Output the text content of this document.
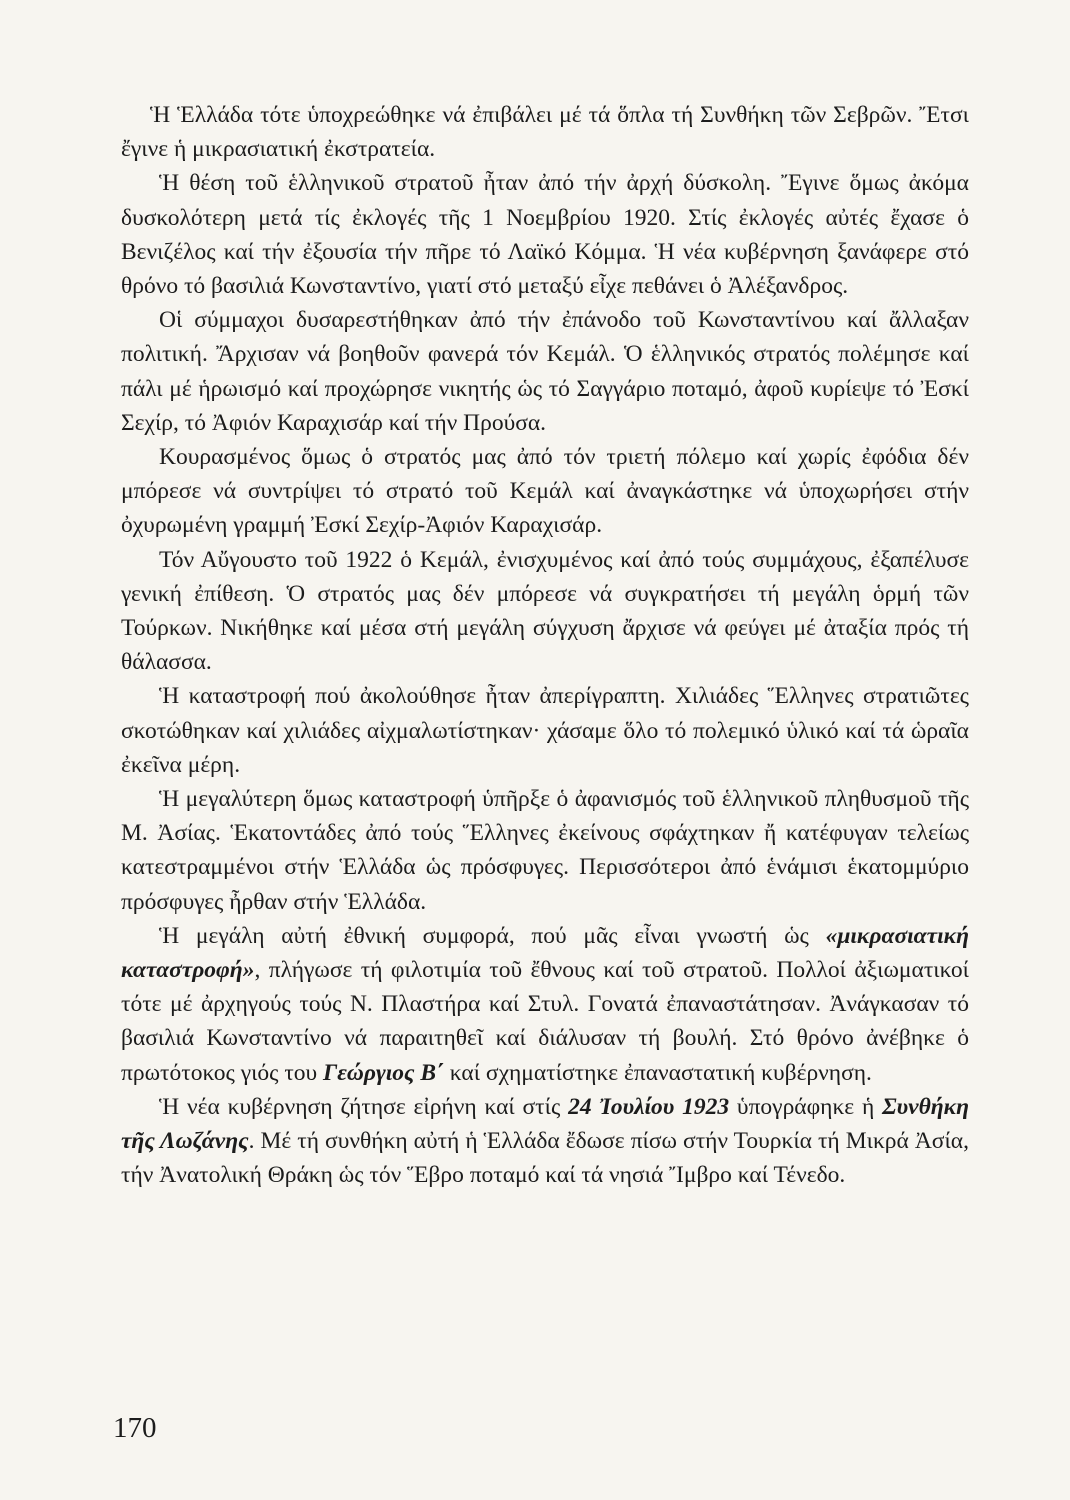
Ἡ Ἑλλάδα τότε ὑποχρεώθηκε νά ἐπιβάλει μέ τά ὅπλα τή Συνθήκη τῶν Σεβρῶν. Ἔτσι ἔγινε ἡ μικρασιατική ἐκστρατεία.

Ἡ θέση τοῦ ἑλληνικοῦ στρατοῦ ἦταν ἀπό τήν ἀρχή δύσκολη. Ἔγινε ὅμως ἀκόμα δυσκολότερη μετά τίς ἐκλογές τῆς 1 Νοεμβρίου 1920. Στίς ἐκλογές αὐτές ἔχασε ὁ Βενιζέλος καί τήν ἐξουσία τήν πῆρε τό Λαϊκό Κόμμα. Ἡ νέα κυβέρνηση ξανάφερε στό θρόνο τό βασιλιά Κωνσταντίνο, γιατί στό μεταξύ εἶχε πεθάνει ὁ Ἀλέξανδρος.

Οἱ σύμμαχοι δυσαρεστήθηκαν ἀπό τήν ἐπάνοδο τοῦ Κωνσταντίνου καί ἄλλαξαν πολιτική. Ἄρχισαν νά βοηθοῦν φανερά τόν Κεμάλ. Ὁ ἑλληνικός στρατός πολέμησε καί πάλι μέ ἡρωισμό καί προχώρησε νικητής ὡς τό Σαγγάριο ποταμό, ἀφοῦ κυρίεψε τό Ἐσκί Σεχίρ, τό Ἀφιόν Καραχισάρ καί τήν Προύσα.

Κουρασμένος ὅμως ὁ στρατός μας ἀπό τόν τριετή πόλεμο καί χωρίς ἐφόδια δέν μπόρεσε νά συντρίψει τό στρατό τοῦ Κεμάλ καί ἀναγκάστηκε νά ὑποχωρήσει στήν ὀχυρωμένη γραμμή Ἐσκί Σεχίρ-Ἀφιόν Καραχισάρ.

Τόν Αὔγουστο τοῦ 1922 ὁ Κεμάλ, ἐνισχυμένος καί ἀπό τούς συμμάχους, ἐξαπέλυσε γενική ἐπίθεση. Ὁ στρατός μας δέν μπόρεσε νά συγκρατήσει τή μεγάλη ὁρμή τῶν Τούρκων. Νικήθηκε καί μέσα στή μεγάλη σύγχυση ἄρχισε νά φεύγει μέ ἀταξία πρός τή θάλασσα.

Ἡ καταστροφή πού ἀκολούθησε ἦταν ἀπερίγραπτη. Χιλιάδες Ἕλληνες στρατιῶτες σκοτώθηκαν καί χιλιάδες αἰχμαλωτίστηκαν· χάσαμε ὅλο τό πολεμικό ὑλικό καί τά ὡραῖα ἐκεῖνα μέρη.

Ἡ μεγαλύτερη ὅμως καταστροφή ὑπῆρξε ὁ ἀφανισμός τοῦ ἑλληνικοῦ πληθυσμοῦ τῆς Μ. Ἀσίας. Ἑκατοντάδες ἀπό τούς Ἕλληνες ἐκείνους σφάχτηκαν ἤ κατέφυγαν τελείως κατεστραμμένοι στήν Ἑλλάδα ὡς πρόσφυγες. Περισσότεροι ἀπό ἑνάμισι ἑκατομμύριο πρόσφυγες ἦρθαν στήν Ἑλλάδα.

Ἡ μεγάλη αὐτή ἐθνική συμφορά, πού μᾶς εἶναι γνωστή ὡς «μικρασιατική καταστροφή», πλήγωσε τή φιλοτιμία τοῦ ἔθνους καί τοῦ στρατοῦ. Πολλοί ἀξιωματικοί τότε μέ ἀρχηγούς τούς Ν. Πλαστήρα καί Στυλ. Γονατά ἐπαναστάτησαν. Ἀνάγκασαν τό βασιλιά Κωνσταντίνο νά παραιτηθεῖ καί διάλυσαν τή βουλή. Στό θρόνο ἀνέβηκε ὁ πρωτότοκος γιός του Γεώργιος Β΄ καί σχηματίστηκε ἐπαναστατική κυβέρνηση.

Ἡ νέα κυβέρνηση ζήτησε εἰρήνη καί στίς 24 Ἰουλίου 1923 ὑπογράφηκε ἡ Συνθήκη τῆς Λωζάνης. Μέ τή συνθήκη αὐτή ἡ Ἑλλάδα ἔδωσε πίσω στήν Τουρκία τή Μικρά Ἀσία, τήν Ἀνατολική Θράκη ὡς τόν Ἕβρο ποταμό καί τά νησιά Ἴμβρο καί Τένεδο.

170
